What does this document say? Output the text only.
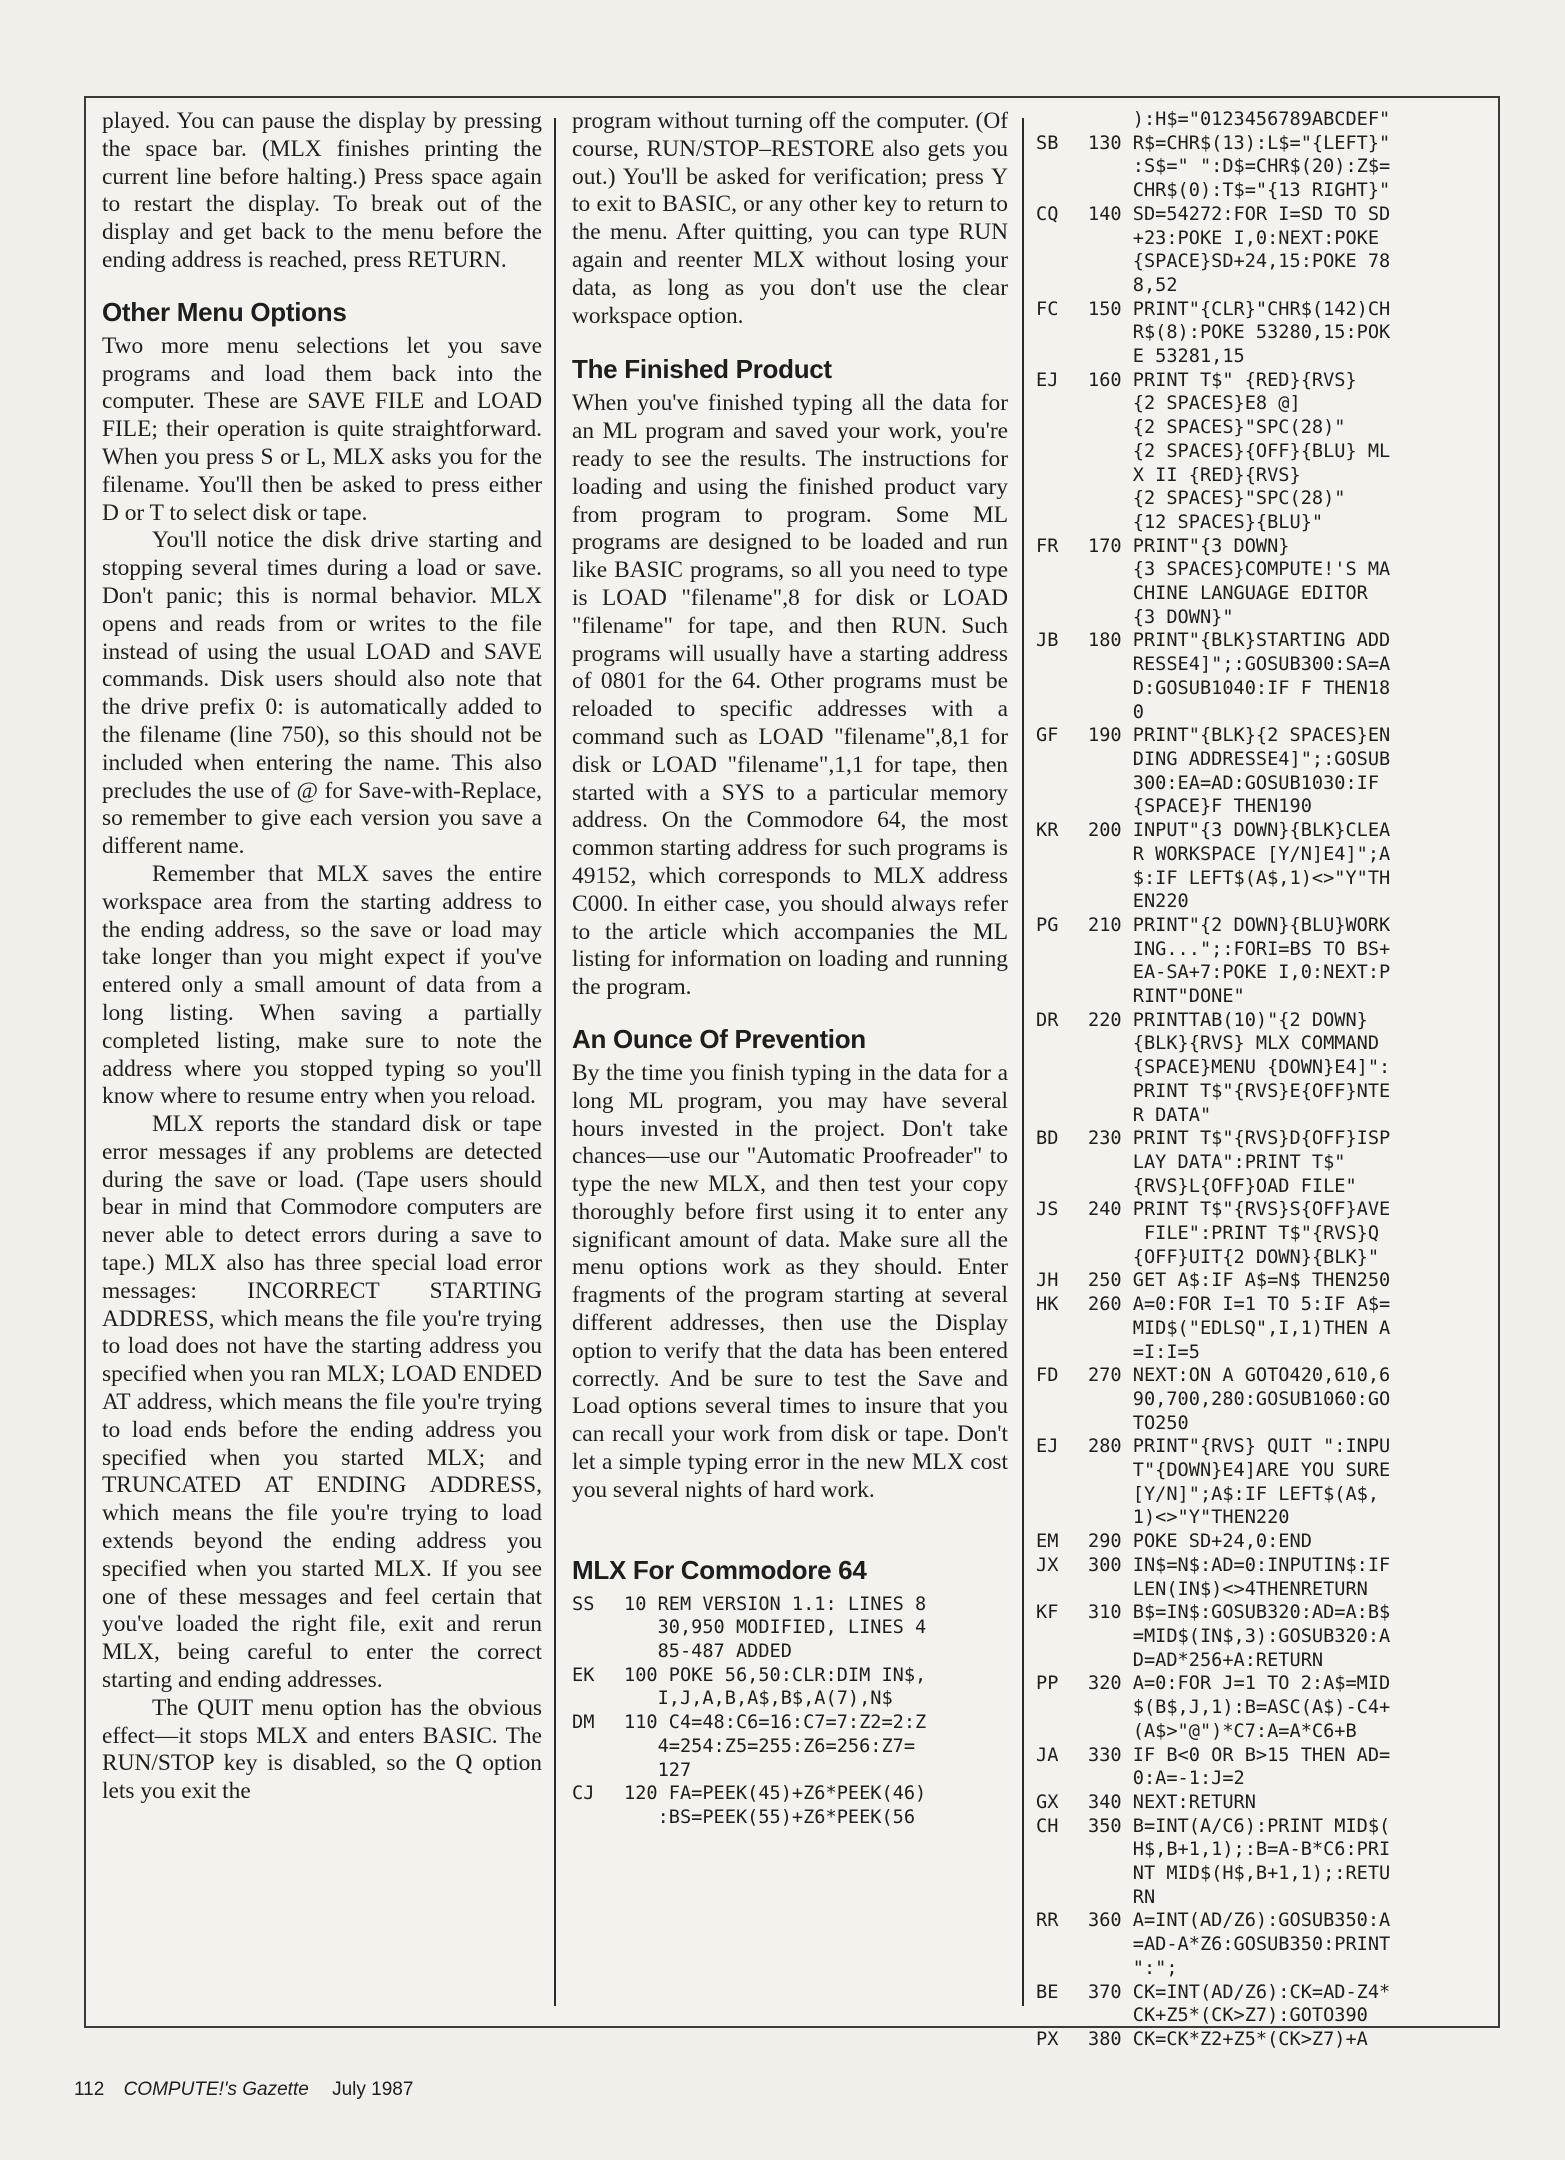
played. You can pause the display by pressing the space bar. (MLX finishes printing the current line before halting.) Press space again to restart the display. To break out of the display and get back to the menu before the ending address is reached, press RETURN.

Other Menu Options

Two more menu selections let you save programs and load them back into the computer. These are SAVE FILE and LOAD FILE; their operation is quite straightforward. When you press S or L, MLX asks you for the filename. You'll then be asked to press either D or T to select disk or tape.

You'll notice the disk drive starting and stopping several times during a load or save. Don't panic; this is normal behavior. MLX opens and reads from or writes to the file instead of using the usual LOAD and SAVE commands. Disk users should also note that the drive prefix 0: is automatically added to the filename (line 750), so this should not be included when entering the name. This also precludes the use of @ for Save-with-Replace, so remember to give each version you save a different name.

Remember that MLX saves the entire workspace area from the starting address to the ending address, so the save or load may take longer than you might expect if you've entered only a small amount of data from a long listing. When saving a partially completed listing, make sure to note the address where you stopped typing so you'll know where to resume entry when you reload.

MLX reports the standard disk or tape error messages if any problems are detected during the save or load. (Tape users should bear in mind that Commodore computers are never able to detect errors during a save to tape.) MLX also has three special load error messages: INCORRECT STARTING ADDRESS, which means the file you're trying to load does not have the starting address you specified when you ran MLX; LOAD ENDED AT address, which means the file you're trying to load ends before the ending address you specified when you started MLX; and TRUNCATED AT ENDING ADDRESS, which means the file you're trying to load extends beyond the ending address you specified when you started MLX. If you see one of these messages and feel certain that you've loaded the right file, exit and rerun MLX, being careful to enter the correct starting and ending addresses.

The QUIT menu option has the obvious effect—it stops MLX and enters BASIC. The RUN/STOP key is disabled, so the Q option lets you exit the

program without turning off the computer. (Of course, RUN/STOP–RESTORE also gets you out.) You'll be asked for verification; press Y to exit to BASIC, or any other key to return to the menu. After quitting, you can type RUN again and reenter MLX without losing your data, as long as you don't use the clear workspace option.

The Finished Product

When you've finished typing all the data for an ML program and saved your work, you're ready to see the results. The instructions for loading and using the finished product vary from program to program. Some ML programs are designed to be loaded and run like BASIC programs, so all you need to type is LOAD "filename",8 for disk or LOAD "filename" for tape, and then RUN. Such programs will usually have a starting address of 0801 for the 64. Other programs must be reloaded to specific addresses with a command such as LOAD "filename",8,1 for disk or LOAD "filename",1,1 for tape, then started with a SYS to a particular memory address. On the Commodore 64, the most common starting address for such programs is 49152, which corresponds to MLX address C000. In either case, you should always refer to the article which accompanies the ML listing for information on loading and running the program.

An Ounce Of Prevention

By the time you finish typing in the data for a long ML program, you may have several hours invested in the project. Don't take chances—use our "Automatic Proofreader" to type the new MLX, and then test your copy thoroughly before first using it to enter any significant amount of data. Make sure all the menu options work as they should. Enter fragments of the program starting at several different addresses, then use the Display option to verify that the data has been entered correctly. And be sure to test the Save and Load options several times to insure that you can recall your work from disk or tape. Don't let a simple typing error in the new MLX cost you several nights of hard work.

MLX For Commodore 64
SS	10 REM VERSION 1.1: LINES 8
30,950 MODIFIED, LINES 4
85-487 ADDED
EK	100 POKE 56,50:CLR:DIM IN$,
I,J,A,B,A$,B$,A(7),N$
DM	110 C4=48:C6=16:C7=7:Z2=2:Z
4=254:Z5=255:Z6=256:Z7=
127
CJ	120 FA=PEEK(45)+Z6*PEEK(46)
:BS=PEEK(55)+Z6*PEEK(56
):H$="0123456789ABCDEF"
SB	130 R$=CHR$(13):L$="{LEFT}"
:S$=" ":D$=CHR$(20):Z$=
CHR$(0):T$="{13 RIGHT}"
CQ	140 SD=54272:FOR I=SD TO SD
+23:POKE I,0:NEXT:POKE
{SPACE}SD+24,15:POKE 78
8,52
FC	150 PRINT"{CLR}"CHR$(142)CH
R$(8):POKE 53280,15:POK
E 53281,15
EJ	160 PRINT T$" {RED}{RVS}
{2 SPACES}E8 @]
{2 SPACES}"SPC(28)"
{2 SPACES}{OFF}{BLU} ML
X II {RED}{RVS}
{2 SPACES}"SPC(28)"
{12 SPACES}{BLU}"
FR	170 PRINT"{3 DOWN}
{3 SPACES}COMPUTE!'S MA
CHINE LANGUAGE EDITOR
{3 DOWN}"
JB	180 PRINT"{BLK}STARTING ADD
RESSE4]";:GOSUB300:SA=A
D:GOSUB1040:IF F THEN18
0
GF	190 PRINT"{BLK}{2 SPACES}EN
DING ADDRESSE4]";:GOSUB
300:EA=AD:GOSUB1030:IF
{SPACE}F THEN190
KR	200 INPUT"{3 DOWN}{BLK}CLEA
R WORKSPACE [Y/N]E4]";A
$:IF LEFT$(A$,1)<>"Y"TH
EN220
PG	210 PRINT"{2 DOWN}{BLU}WORK
ING...";:FORI=BS TO BS+
EA-SA+7:POKE I,0:NEXT:P
RINT"DONE"
DR	220 PRINTTAB(10)"{2 DOWN}
{BLK}{RVS} MLX COMMAND
{SPACE}MENU {DOWN}E4]":
PRINT T$"{RVS}E{OFF}NTE
R DATA"
BD	230 PRINT T$"{RVS}D{OFF}ISP
LAY DATA":PRINT T$"
{RVS}L{OFF}OAD FILE"
JS	240 PRINT T$"{RVS}S{OFF}AVE
FILE":PRINT T$"{RVS}Q
{OFF}UIT{2 DOWN}{BLK}"
JH	250 GET A$:IF A$=N$ THEN250
HK	260 A=0:FOR I=1 TO 5:IF A$=
MID$("EDLSQ",I,1)THEN A
=I:I=5
FD	270 NEXT:ON A GOTO420,610,6
90,700,280:GOSUB1060:GO
TO250
EJ	280 PRINT"{RVS} QUIT ":INPU
T"{DOWN}E4]ARE YOU SURE
[Y/N]";A$:IF LEFT$(A$,
1)<>"Y"THEN220
EM	290 POKE SD+24,0:END
JX	300 IN$=N$:AD=0:INPUTIN$:IF
LEN(IN$)<>4THENRETURN
KF	310 B$=IN$:GOSUB320:AD=A:B$
=MID$(IN$,3):GOSUB320:A
D=AD*256+A:RETURN
PP	320 A=0:FOR J=1 TO 2:A$=MID
$(B$,J,1):B=ASC(A$)-C4+
(A$>"@")*C7:A=A*C6+B
JA	330 IF B<0 OR B>15 THEN AD=
0:A=-1:J=2
GX	340 NEXT:RETURN
CH	350 B=INT(A/C6):PRINT MID$(
H$,B+1,1);:B=A-B*C6:PRI
NT MID$(H$,B+1,1);:RETU
RN
RR	360 A=INT(AD/Z6):GOSUB350:A
=AD-A*Z6:GOSUB350:PRINT
":";
BE	370 CK=INT(AD/Z6):CK=AD-Z4*
CK+Z5*(CK>Z7):GOTO390
PX	380 CK=CK*Z2+Z5*(CK>Z7)+A
112 COMPUTE!'s Gazette July 1987
